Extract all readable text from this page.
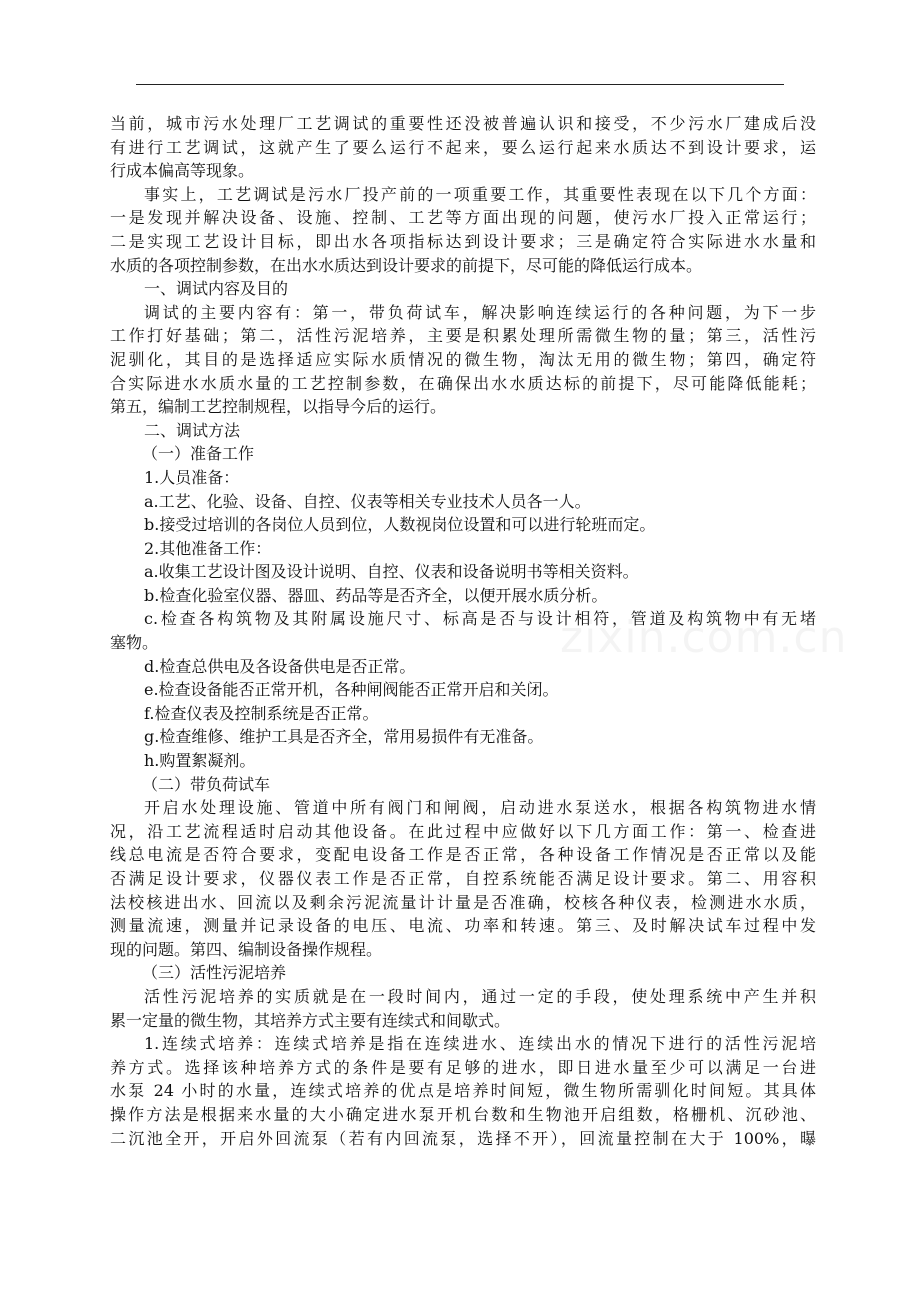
当前，城市污水处理厂工艺调试的重要性还没被普遍认识和接受，不少污水厂建成后没
有进行工艺调试，这就产生了要么运行不起来，要么运行起来水质达不到设计要求，运
行成本偏高等现象。
事实上，工艺调试是污水厂投产前的一项重要工作，其重要性表现在以下几个方面：
一是发现并解决设备、设施、控制、工艺等方面出现的问题，使污水厂投入正常运行；
二是实现工艺设计目标，即出水各项指标达到设计要求；三是确定符合实际进水水量和
水质的各项控制参数，在出水水质达到设计要求的前提下，尽可能的降低运行成本。
一、调试内容及目的
调试的主要内容有：第一，带负荷试车，解决影响连续运行的各种问题，为下一步
工作打好基础；第二，活性污泥培养，主要是积累处理所需微生物的量；第三，活性污
泥驯化，其目的是选择适应实际水质情况的微生物，淘汰无用的微生物；第四，确定符
合实际进水水质水量的工艺控制参数，在确保出水水质达标的前提下，尽可能降低能耗；
第五，编制工艺控制规程，以指导今后的运行。
二、调试方法
（一）准备工作
1.人员准备：
a.工艺、化验、设备、自控、仪表等相关专业技术人员各一人。
b.接受过培训的各岗位人员到位，人数视岗位设置和可以进行轮班而定。
2.其他准备工作：
a.收集工艺设计图及设计说明、自控、仪表和设备说明书等相关资料。
b.检查化验室仪器、器皿、药品等是否齐全，以便开展水质分析。
c.检查各构筑物及其附属设施尺寸、标高是否与设计相符，管道及构筑物中有无堵
塞物。
d.检查总供电及各设备供电是否正常。
e.检查设备能否正常开机，各种闸阀能否正常开启和关闭。
f.检查仪表及控制系统是否正常。
g.检查维修、维护工具是否齐全，常用易损件有无准备。
h.购置絮凝剂。
（二）带负荷试车
开启水处理设施、管道中所有阀门和闸阀，启动进水泵送水，根据各构筑物进水情
况，沿工艺流程适时启动其他设备。在此过程中应做好以下几方面工作：第一、检查进
线总电流是否符合要求，变配电设备工作是否正常，各种设备工作情况是否正常以及能
否满足设计要求，仪器仪表工作是否正常，自控系统能否满足设计要求。第二、用容积
法校核进出水、回流以及剩余污泥流量计计量是否准确，校核各种仪表，检测进水水质，
测量流速，测量并记录设备的电压、电流、功率和转速。第三、及时解决试车过程中发
现的问题。第四、编制设备操作规程。
（三）活性污泥培养
活性污泥培养的实质就是在一段时间内，通过一定的手段，使处理系统中产生并积
累一定量的微生物，其培养方式主要有连续式和间歇式。
1.连续式培养：连续式培养是指在连续进水、连续出水的情况下进行的活性污泥培
养方式。选择该种培养方式的条件是要有足够的进水，即日进水量至少可以满足一台进
水泵 24 小时的水量，连续式培养的优点是培养时间短，微生物所需驯化时间短。其具体
操作方法是根据来水量的大小确定进水泵开机台数和生物池开启组数，格栅机、沉砂池、
二沉池全开，开启外回流泵（若有内回流泵，选择不开），回流量控制在大于 100%，曝
